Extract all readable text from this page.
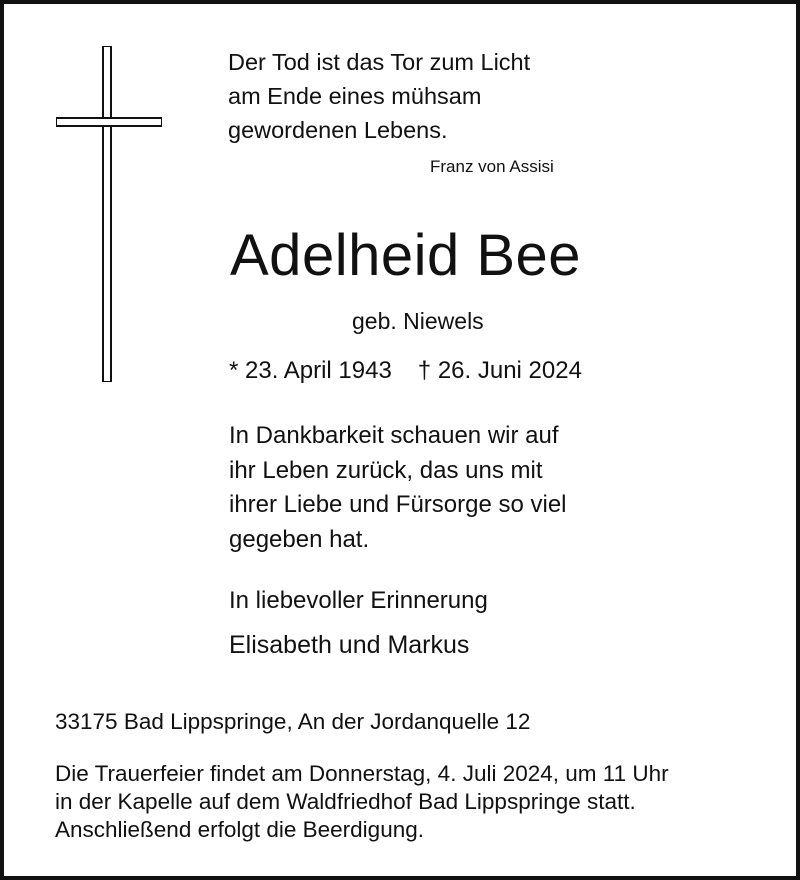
Der Tod ist das Tor zum Licht
am Ende eines mühsam
gewordenen Lebens.
Franz von Assisi
Adelheid Bee
geb. Niewels
* 23. April 1943 † 26. Juni 2024
In Dankbarkeit schauen wir auf
ihr Leben zurück, das uns mit
ihrer Liebe und Fürsorge so viel
gegeben hat.
In liebevoller Erinnerung
Elisabeth und Markus
33175 Bad Lippspringe, An der Jordanquelle 12
Die Trauerfeier findet am Donnerstag, 4. Juli 2024, um 11 Uhr
in der Kapelle auf dem Waldfriedhof Bad Lippspringe statt.
Anschließend erfolgt die Beerdigung.
